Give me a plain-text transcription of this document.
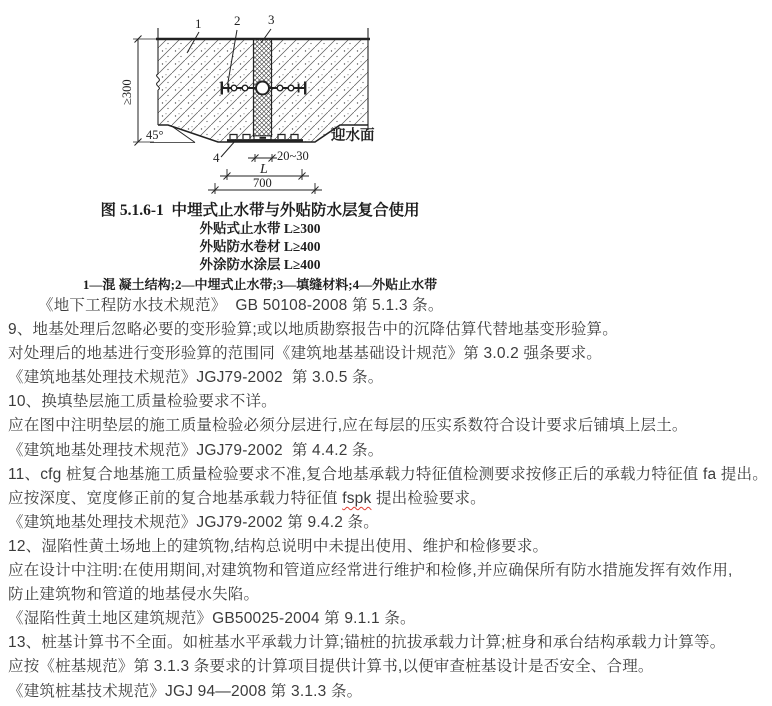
1	2 3
4
≥300
45°
20~30
L
700
迎水面
图 5.1.6-1  中埋式止水带与外贴防水层复合使用
外贴式止水带 L≥300
外贴防水卷材 L≥400
外涂防水涂层 L≥400
1—混 凝土结构;2—中埋式止水带;3—填缝材料;4—外贴止水带

《地下工程防水技术规范》  GB 50108-2008 第 5.1.3 条。

9、地基处理后忽略必要的变形验算;或以地质勘察报告中的沉降估算代替地基变形验算。

对处理后的地基进行变形验算的范围同《建筑地基基础设计规范》第 3.0.2 强条要求。

《建筑地基处理技术规范》JGJ79-2002  第 3.0.5 条。

10、换填垫层施工质量检验要求不详。

应在图中注明垫层的施工质量检验必须分层进行,应在每层的压实系数符合设计要求后铺填上层土。

《建筑地基处理技术规范》JGJ79-2002  第 4.4.2 条。

11、cfg 桩复合地基施工质量检验要求不准,复合地基承载力特征值检测要求按修正后的承载力特征值 fa 提出。

应按深度、宽度修正前的复合地基承载力特征值 fspk 提出检验要求。

《建筑地基处理技术规范》JGJ79-2002 第 9.4.2 条。

12、湿陷性黄土场地上的建筑物,结构总说明中未提出使用、维护和检修要求。

应在设计中注明:在使用期间,对建筑物和管道应经常进行维护和检修,并应确保所有防水措施发挥有效作用,

防止建筑物和管道的地基侵水失陷。

《湿陷性黄土地区建筑规范》GB50025-2004 第 9.1.1 条。

13、桩基计算书不全面。如桩基水平承载力计算;锚桩的抗拔承载力计算;桩身和承台结构承载力计算等。

应按《桩基规范》第 3.1.3 条要求的计算项目提供计算书,以便审查桩基设计是否安全、合理。

《建筑桩基技术规范》JGJ 94—2008 第 3.1.3 条。
